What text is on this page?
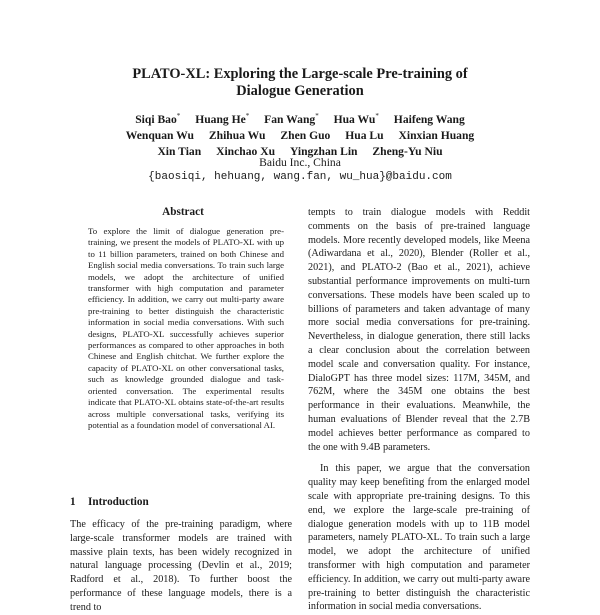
PLATO-XL: Exploring the Large-scale Pre-training of
Dialogue Generation
Siqi Bao* Huang He* Fan Wang* Hua Wu* Haifeng Wang
Wenquan Wu Zhihua Wu Zhen Guo Hua Lu Xinxian Huang
Xin Tian Xinchao Xu Yingzhan Lin Zheng-Yu Niu
Baidu Inc., China
{baosiqi, hehuang, wang.fan, wu_hua}@baidu.com
Abstract
To explore the limit of dialogue generation pre-training, we present the models of PLATO-XL with up to 11 billion parameters, trained on both Chinese and English social media conversations. To train such large models, we adopt the architecture of unified transformer with high computation and parameter efficiency. In addition, we carry out multi-party aware pre-training to better distinguish the characteristic information in social media conversations. With such designs, PLATO-XL successfully achieves superior performances as compared to other approaches in both Chinese and English chitchat. We further explore the capacity of PLATO-XL on other conversational tasks, such as knowledge grounded dialogue and task-oriented conversation. The experimental results indicate that PLATO-XL obtains state-of-the-art results across multiple conversational tasks, verifying its potential as a foundation model of conversational AI.
1 Introduction
The efficacy of the pre-training paradigm, where large-scale transformer models are trained with massive plain texts, has been widely recognized in natural language processing (Devlin et al., 2019; Radford et al., 2018). To further boost the performance of these language models, there is a trend to

tempts to train dialogue models with Reddit comments on the basis of pre-trained language models. More recently developed models, like Meena (Adiwardana et al., 2020), Blender (Roller et al., 2021), and PLATO-2 (Bao et al., 2021), achieve substantial performance improvements on multi-turn conversations. These models have been scaled up to billions of parameters and taken advantage of many more social media conversations for pre-training. Nevertheless, in dialogue generation, there still lacks a clear conclusion about the correlation between model scale and conversation quality. For instance, DialoGPT has three model sizes: 117M, 345M, and 762M, where the 345M one obtains the best performance in their evaluations. Meanwhile, the human evaluations of Blender reveal that the 2.7B model achieves better performance as compared to the one with 9.4B parameters.

In this paper, we argue that the conversation quality may keep benefiting from the enlarged model scale with appropriate pre-training designs. To this end, we explore the large-scale pre-training of dialogue generation models with up to 11B model parameters, namely PLATO-XL. To train such a large model, we adopt the architecture of unified transformer with high computation and parameter efficiency. In addition, we carry out multi-party aware pre-training to better distinguish the characteristic information in social media conversations.
